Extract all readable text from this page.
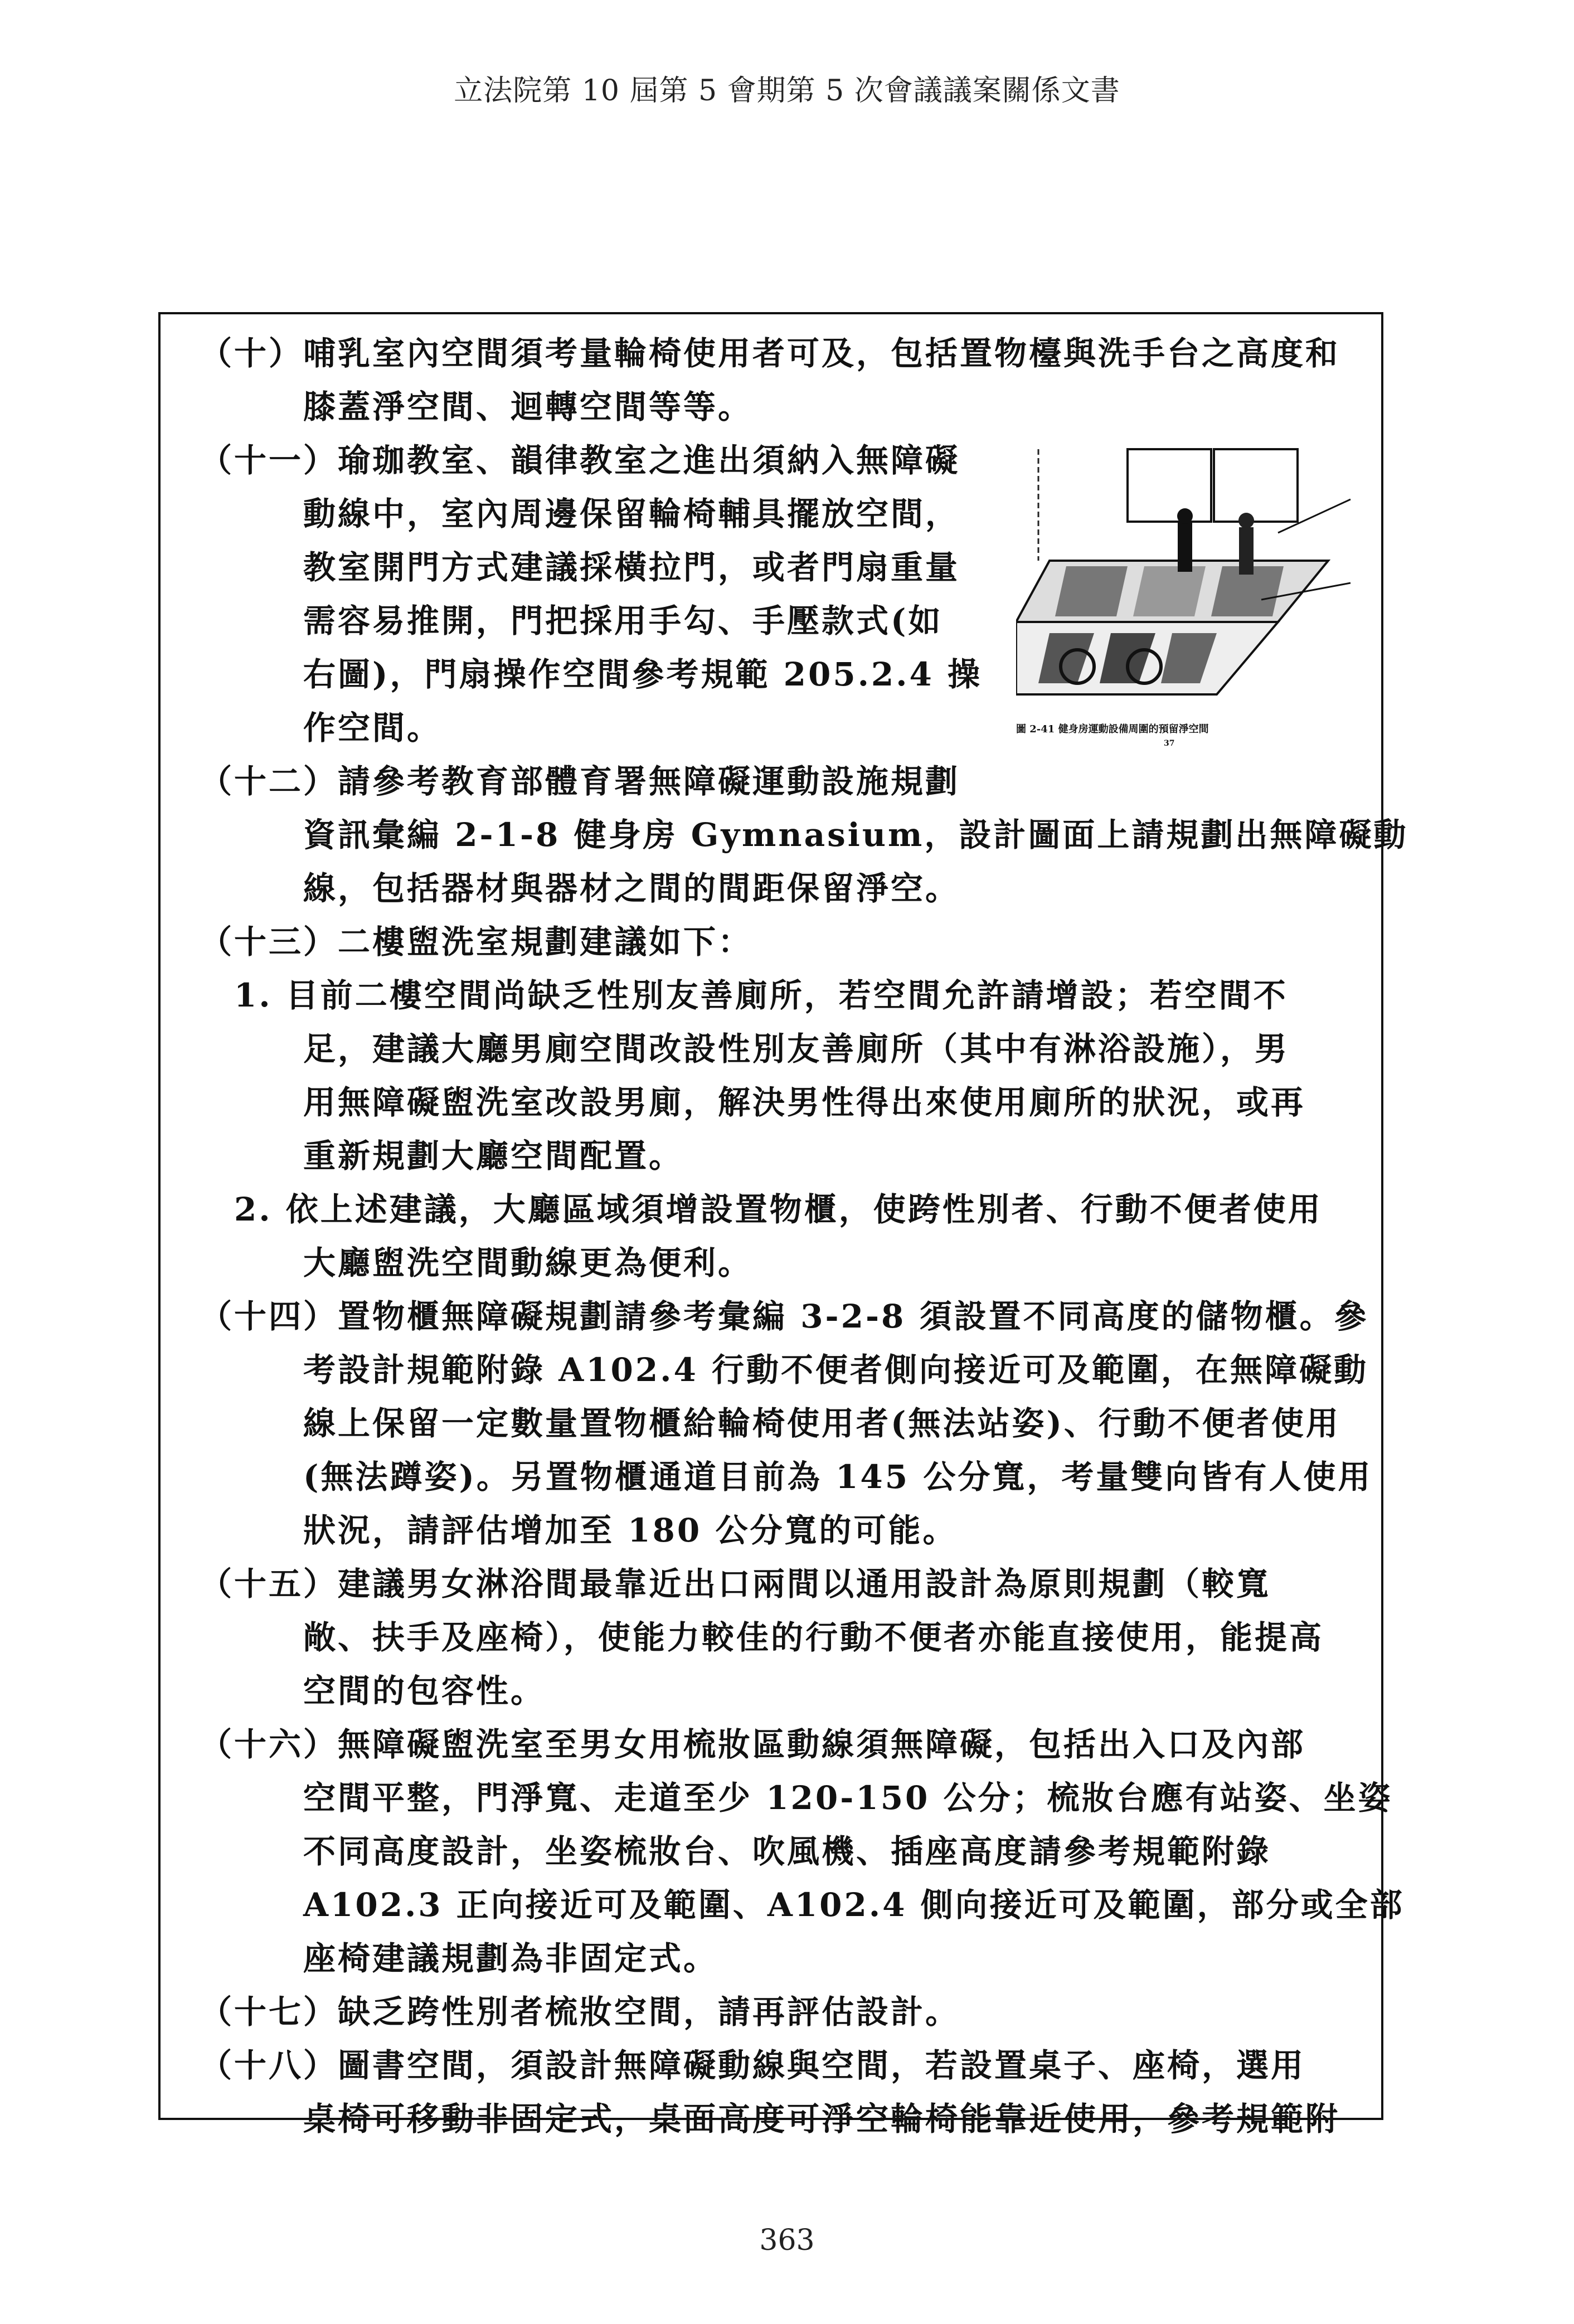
立法院第 10 屆第 5 會期第 5 次會議議案關係文書
（十）哺乳室內空間須考量輪椅使用者可及，包括置物檯與洗手台之高度和
　　　膝蓋淨空間、迴轉空間等等。
（十一）瑜珈教室、韻律教室之進出須納入無障礙
　　　動線中，室內周邊保留輪椅輔具擺放空間，
　　　教室開門方式建議採橫拉門，或者門扇重量
　　　需容易推開，門把採用手勾、手壓款式(如
　　　右圖)，門扇操作空間參考規範 205.2.4 操
　　　作空間。	圖 2-41 健身房運動設備周圍的預留淨空間
37
（十二）請參考教育部體育署無障礙運動設施規劃
　　　資訊彙編 2-1-8 健身房 Gymnasium，設計圖面上請規劃出無障礙動
　　　線，包括器材與器材之間的間距保留淨空。
（十三）二樓盥洗室規劃建議如下：
　1. 目前二樓空間尚缺乏性別友善廁所，若空間允許請增設；若空間不
　　　足，建議大廳男廁空間改設性別友善廁所（其中有淋浴設施），男
　　　用無障礙盥洗室改設男廁，解決男性得出來使用廁所的狀況，或再
　　　重新規劃大廳空間配置。
　2. 依上述建議，大廳區域須增設置物櫃，使跨性別者、行動不便者使用
　　　大廳盥洗空間動線更為便利。
（十四）置物櫃無障礙規劃請參考彙編 3-2-8 須設置不同高度的儲物櫃。參
　　　考設計規範附錄 A102.4 行動不便者側向接近可及範圍，在無障礙動
　　　線上保留一定數量置物櫃給輪椅使用者(無法站姿)、行動不便者使用
　　　(無法蹲姿)。另置物櫃通道目前為 145 公分寬，考量雙向皆有人使用
　　　狀況，請評估增加至 180 公分寬的可能。
（十五）建議男女淋浴間最靠近出口兩間以通用設計為原則規劃（較寬
　　　敞、扶手及座椅），使能力較佳的行動不便者亦能直接使用，能提高
　　　空間的包容性。
（十六）無障礙盥洗室至男女用梳妝區動線須無障礙，包括出入口及內部
　　　空間平整，門淨寬、走道至少 120-150 公分；梳妝台應有站姿、坐姿
　　　不同高度設計，坐姿梳妝台、吹風機、插座高度請參考規範附錄
　　　A102.3 正向接近可及範圍、A102.4 側向接近可及範圍，部分或全部
　　　座椅建議規劃為非固定式。
（十七）缺乏跨性別者梳妝空間，請再評估設計。
（十八）圖書空間，須設計無障礙動線與空間，若設置桌子、座椅，選用
　　　桌椅可移動非固定式，桌面高度可淨空輪椅能靠近使用，參考規範附
363
